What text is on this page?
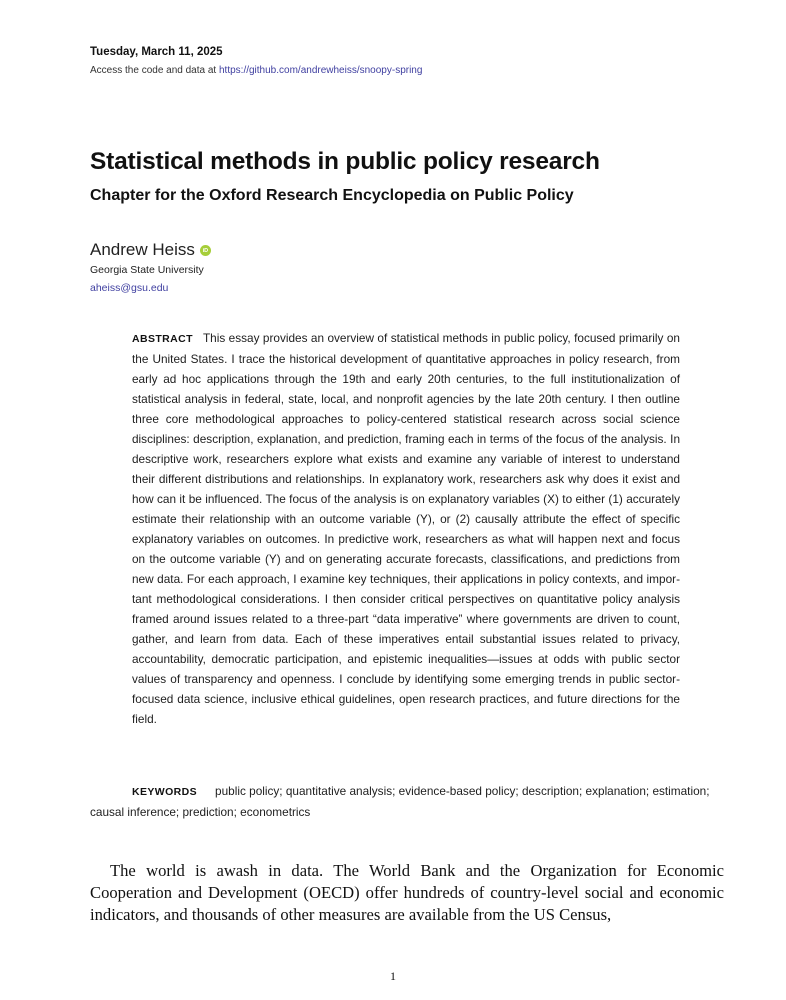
Tuesday, March 11, 2025
Access the code and data at https://github.com/andrewheiss/snoopy-spring
Statistical methods in public policy research
Chapter for the Oxford Research Encyclopedia on Public Policy
Andrew Heiss	iD
Georgia State University
aheiss@gsu.edu
ABSTRACT This essay provides an overview of statistical methods in public policy, focused primarily on the United States. I trace the historical development of quantitative approaches in policy research, from early ad hoc applications through the 19th and early 20th centuries, to the full institutionalization of statistical analysis in federal, state, local, and nonprofit agencies by the late 20th century. I then outline three core methodological approaches to policy-centered statistical research across social science disciplines: description, explanation, and prediction, framing each in terms of the focus of the analysis. In descriptive work, researchers explore what exists and examine any variable of interest to understand their different distributions and relationships. In explanatory work, researchers ask why does it exist and how can it be influenced. The focus of the analysis is on explanatory variables (X) to either (1) accurately estimate their relationship with an outcome variable (Y), or (2) causally attribute the effect of specific explanatory variables on outcomes. In predictive work, researchers as what will happen next and focus on the outcome variable (Y) and on generating accurate forecasts, classifications, and predictions from new data. For each approach, I examine key techniques, their applications in policy contexts, and important methodological considerations. I then consider critical perspectives on quantitative policy analysis framed around issues related to a three-part “data imperative” where governments are driven to count, gather, and learn from data. Each of these imperatives entail substantial issues related to privacy, accountability, democratic participation, and epistemic inequalities—issues at odds with public sector values of transparency and openness. I conclude by identifying some emerging trends in public sector-focused data science, inclusive ethical guidelines, open research practices, and future directions for the field.
KEYWORDS public policy; quantitative analysis; evidence-based policy; description; explanation; estimation; causal inference; prediction; econometrics
The world is awash in data. The World Bank and the Organization for Economic Cooperation and Development (OECD) offer hundreds of country-level social and economic indicators, and thousands of other measures are available from the US Census,
1
